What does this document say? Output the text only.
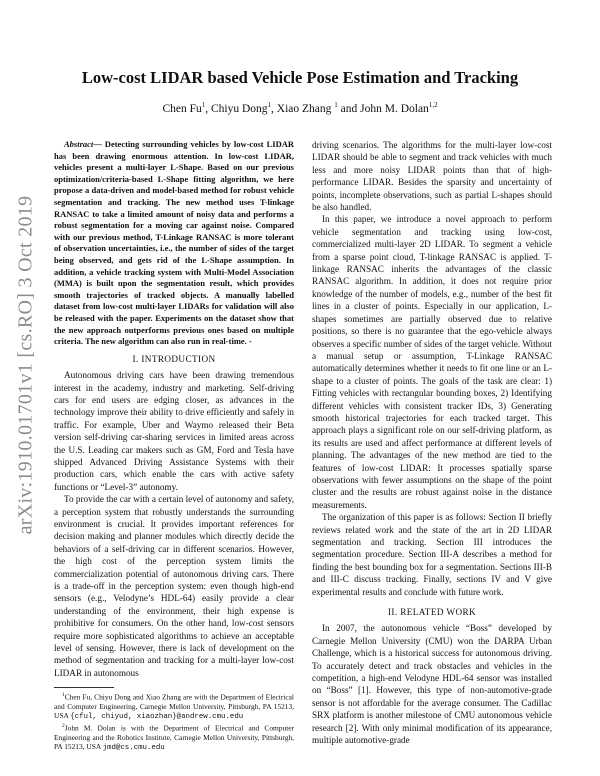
arXiv:1910.01701v1 [cs.RO] 3 Oct 2019
Low-cost LIDAR based Vehicle Pose Estimation and Tracking
Chen Fu$^1$, Chiyu Dong$^1$, Xiao Zhang $^1$ and John M. Dolan$^{1,2}$

Abstract— Detecting surrounding vehicles by low-cost LIDAR has been drawing enormous attention. In low-cost LIDAR, vehicles present a multi-layer L-Shape. Based on our previous optimization/criteria-based L-Shape fitting algorithm, we here propose a data-driven and model-based method for robust vehicle segmentation and tracking. The new method uses T-linkage RANSAC to take a limited amount of noisy data and performs a robust segmentation for a moving car against noise. Compared with our previous method, T-Linkage RANSAC is more tolerant of observation uncertainties, i.e., the number of sides of the target being observed, and gets rid of the L-Shape assumption. In addition, a vehicle tracking system with Multi-Model Association (MMA) is built upon the segmentation result, which provides smooth trajectories of tracked objects. A manually labelled dataset from low-cost multi-layer LIDARs for validation will also be released with the paper. Experiments on the dataset show that the new approach outperforms previous ones based on multiple criteria. The new algorithm can also run in real-time. -

I. INTRODUCTION

Autonomous driving cars have been drawing tremendous interest in the academy, industry and marketing. Self-driving cars for end users are edging closer, as advances in the technology improve their ability to drive efficiently and safely in traffic. For example, Uber and Waymo released their Beta version self-driving car-sharing services in limited areas across the U.S. Leading car makers such as GM, Ford and Tesla have shipped Advanced Driving Assistance Systems with their production cars, which enable the cars with active safety functions or “Level-3” autonomy.

To provide the car with a certain level of autonomy and safety, a perception system that robustly understands the surrounding environment is crucial. It provides important references for decision making and planner modules which directly decide the behaviors of a self-driving car in different scenarios. However, the high cost of the perception system limits the commercialization potential of autonomous driving cars. There is a trade-off in the perception system: even though high-end sensors (e.g., Velodyne’s HDL-64) easily provide a clear understanding of the environment, their high expense is prohibitive for consumers. On the other hand, low-cost sensors require more sophisticated algorithms to achieve an acceptable level of sensing. However, there is lack of development on the method of segmentation and tracking for a multi-layer low-cost LIDAR in autonomous

$^1$Chen Fu, Chiyu Dong and Xiao Zhang are with the Department of Electrical and Computer Engineering, Carnegie Mellon University, Pittsburgh, PA 15213, USA {cful, chiyud, xiaozhan}@andrew.cmu.edu

$^2$John M. Dolan is with the Department of Electrical and Computer Engineering and the Robotics Institute, Carnegie Mellon University, Pittsburgh, PA 15213, USA jmd@cs.cmu.edu

driving scenarios. The algorithms for the multi-layer low-cost LIDAR should be able to segment and track vehicles with much less and more noisy LIDAR points than that of high-performance LIDAR. Besides the sparsity and uncertainty of points, incomplete observations, such as partial L-shapes should be also handled.

In this paper, we introduce a novel approach to perform vehicle segmentation and tracking using low-cost, commercialized multi-layer 2D LIDAR. To segment a vehicle from a sparse point cloud, T-linkage RANSAC is applied. T-linkage RANSAC inherits the advantages of the classic RANSAC algorithm. In addition, it does not require prior knowledge of the number of models, e.g., number of the best fit lines in a cluster of points. Especially in our application, L-shapes sometimes are partially observed due to relative positions, so there is no guarantee that the ego-vehicle always observes a specific number of sides of the target vehicle. Without a manual setup or assumption, T-Linkage RANSAC automatically determines whether it needs to fit one line or an L-shape to a cluster of points. The goals of the task are clear: 1) Fitting vehicles with rectangular bounding boxes, 2) Identifying different vehicles with consistent tracker IDs, 3) Generating smooth historical trajectories for each tracked target. This approach plays a significant role on our self-driving platform, as its results are used and affect performance at different levels of planning. The advantages of the new method are tied to the features of low-cost LIDAR: It processes spatially sparse observations with fewer assumptions on the shape of the point cluster and the results are robust against noise in the distance measurements.

The organization of this paper is as follows: Section II briefly reviews related work and the state of the art in 2D LIDAR segmentation and tracking. Section III introduces the segmentation procedure. Section III-A describes a method for finding the best bounding box for a segmentation. Sections III-B and III-C discuss tracking. Finally, sections IV and V give experimental results and conclude with future work.

II. RELATED WORK

In 2007, the autonomous vehicle “Boss” developed by Carnegie Mellon University (CMU) won the DARPA Urban Challenge, which is a historical success for autonomous driving. To accurately detect and track obstacles and vehicles in the competition, a high-end Velodyne HDL-64 sensor was installed on “Boss” [1]. However, this type of non-automotive-grade sensor is not affordable for the average consumer. The Cadillac SRX platform is another milestone of CMU autonomous vehicle research [2]. With only minimal modification of its appearance, multiple automotive-grade
